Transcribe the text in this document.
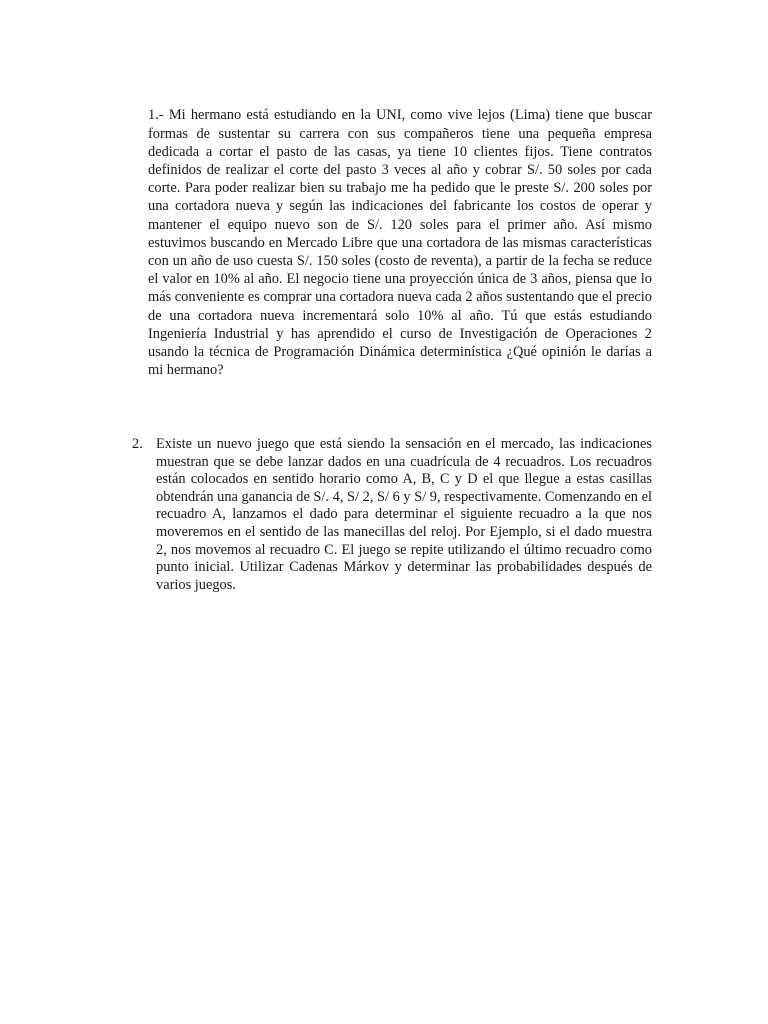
1.- Mi hermano está estudiando en la UNI, como vive lejos (Lima) tiene que buscar formas de sustentar su carrera con sus compañeros tiene una pequeña empresa dedicada a cortar el pasto de las casas, ya tiene 10 clientes fijos. Tiene contratos definidos de realizar el corte del pasto 3 veces al año y cobrar S/. 50 soles por cada corte. Para poder realizar bien su trabajo me ha pedido que le preste S/. 200 soles por una cortadora nueva y según las indicaciones del fabricante los costos de operar y mantener el equipo nuevo son de S/. 120 soles para el primer año. Así mismo estuvimos buscando en Mercado Libre que una cortadora de las mismas características con un año de uso cuesta S/. 150 soles (costo de reventa), a partir de la fecha se reduce el valor en 10% al año. El negocio tiene una proyección única de 3 años, piensa que lo más conveniente es comprar una cortadora nueva cada 2 años sustentando que el precio de una cortadora nueva incrementará solo 10% al año. Tú que estás estudiando Ingeniería Industrial y has aprendido el curso de Investigación de Operaciones 2 usando la técnica de Programación Dinámica determinística ¿Qué opinión le darías a mi hermano?

2. Existe un nuevo juego que está siendo la sensación en el mercado, las indicaciones muestran que se debe lanzar dados en una cuadrícula de 4 recuadros. Los recuadros están colocados en sentido horario como A, B, C y D el que llegue a estas casillas obtendrán una ganancia de S/. 4, S/ 2, S/ 6 y S/ 9, respectivamente. Comenzando en el recuadro A, lanzamos el dado para determinar el siguiente recuadro a la que nos moveremos en el sentido de las manecillas del reloj. Por Ejemplo, si el dado muestra 2, nos movemos al recuadro C. El juego se repite utilizando el último recuadro como punto inicial. Utilizar Cadenas Márkov y determinar las probabilidades después de varios juegos.
